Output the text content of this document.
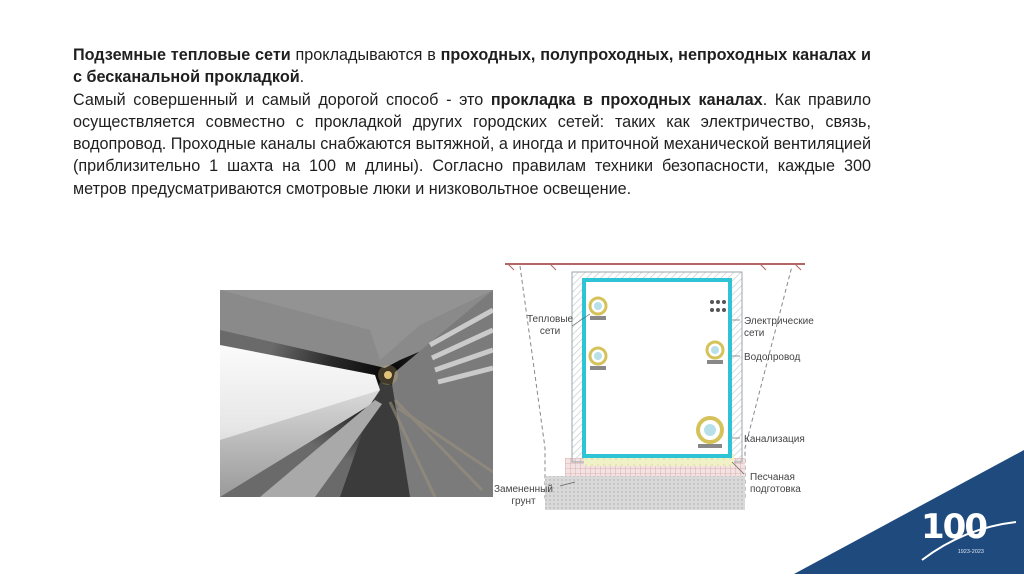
Подземные тепловые сети прокладываются в проходных, полупроходных, непроходных каналах и с бесканальной прокладкой.

Самый совершенный и самый дорогой способ - это прокладка в проходных каналах. Как правило осуществляется совместно с прокладкой других городских сетей: таких как электричество, связь, водопровод. Проходные каналы снабжаются вытяжной, а иногда и приточной механической вентиляцией (приблизительно 1 шахта на 100 м длины). Согласно правилам техники безопасности, каждые 300 метров предусматриваются смотровые люки и низковольтное освещение.

Тепловые
сети
Электрические
сети
Водопровод
Канализация
Замененный
грунт
Песчаная
подготовка
100
1923-2023
